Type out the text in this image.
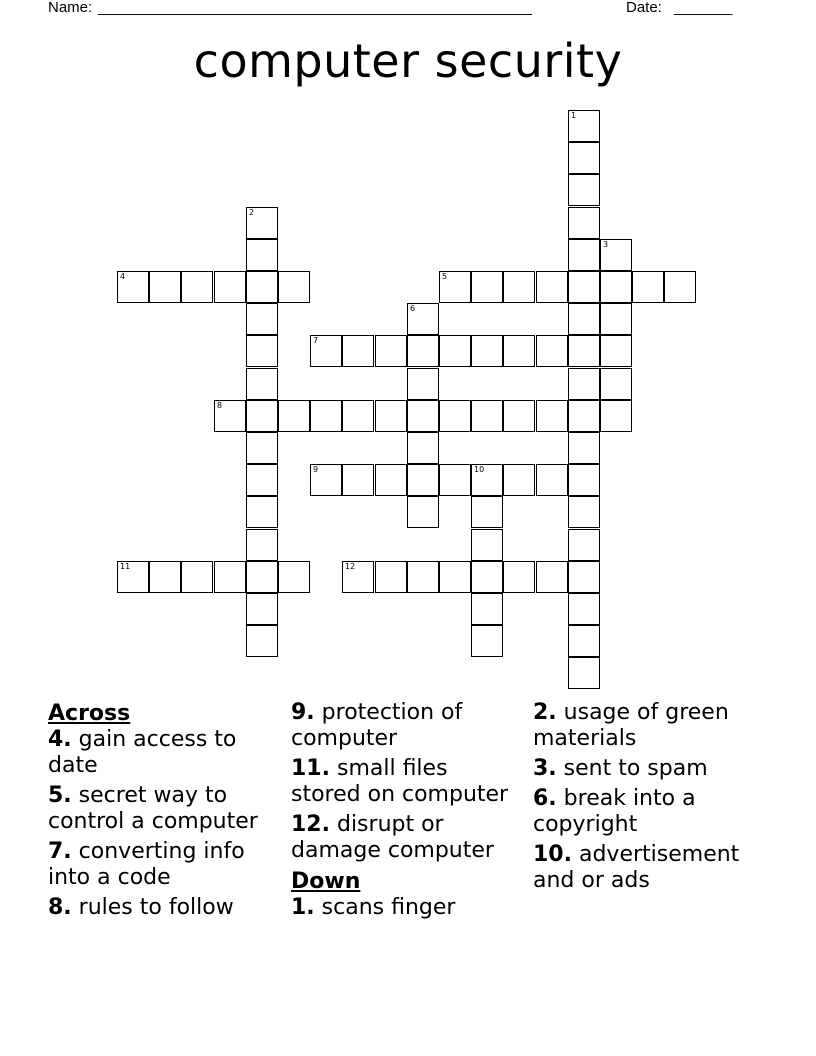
Name: ____________________________________________________	Date: _______
computer security
1
2
3
4	5
6
7
8
9	10
11	12
Across
4. gain access to date
5. secret way to control a computer
7. converting info into a code
8. rules to follow
9. protection of computer
11. small files stored on computer
12. disrupt or damage computer
Down
1. scans finger
2. usage of green materials
3. sent to spam
6. break into a copyright
10. advertisement and or ads
